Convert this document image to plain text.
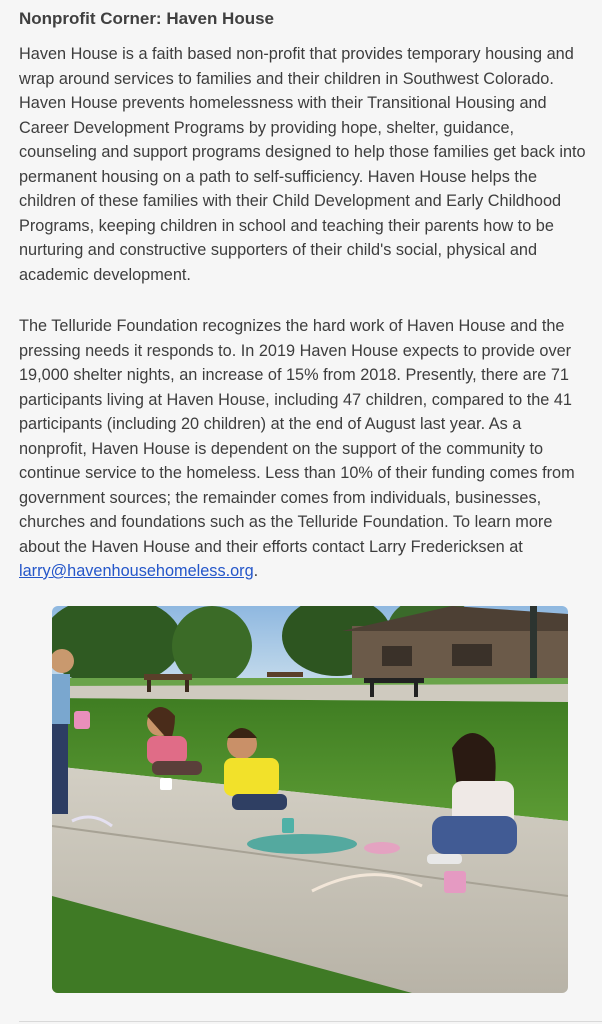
Nonprofit Corner: Haven House

Haven House is a faith based non-profit that provides temporary housing and
wrap around services to families and their children in Southwest Colorado.
Haven House prevents homelessness with their Transitional Housing and
Career Development Programs by providing hope, shelter, guidance,
counseling and support programs designed to help those families get back into
permanent housing on a path to self-sufficiency. Haven House helps the
children of these families with their Child Development and Early Childhood
Programs, keeping children in school and teaching their parents how to be
nurturing and constructive supporters of their child's social, physical and
academic development.

The Telluride Foundation recognizes the hard work of Haven House and the
pressing needs it responds to. In 2019 Haven House expects to provide over
19,000 shelter nights, an increase of 15% from 2018. Presently, there are 71
participants living at Haven House, including 47 children, compared to the 41
participants (including 20 children) at the end of August last year. As a
nonprofit, Haven House is dependent on the support of the community to
continue service to the homeless. Less than 10% of their funding comes from
government sources; the remainder comes from individuals, businesses,
churches and foundations such as the Telluride Foundation. To learn more
about the Haven House and their efforts contact Larry Fredericksen at
larry@havenhousehomeless.org.
